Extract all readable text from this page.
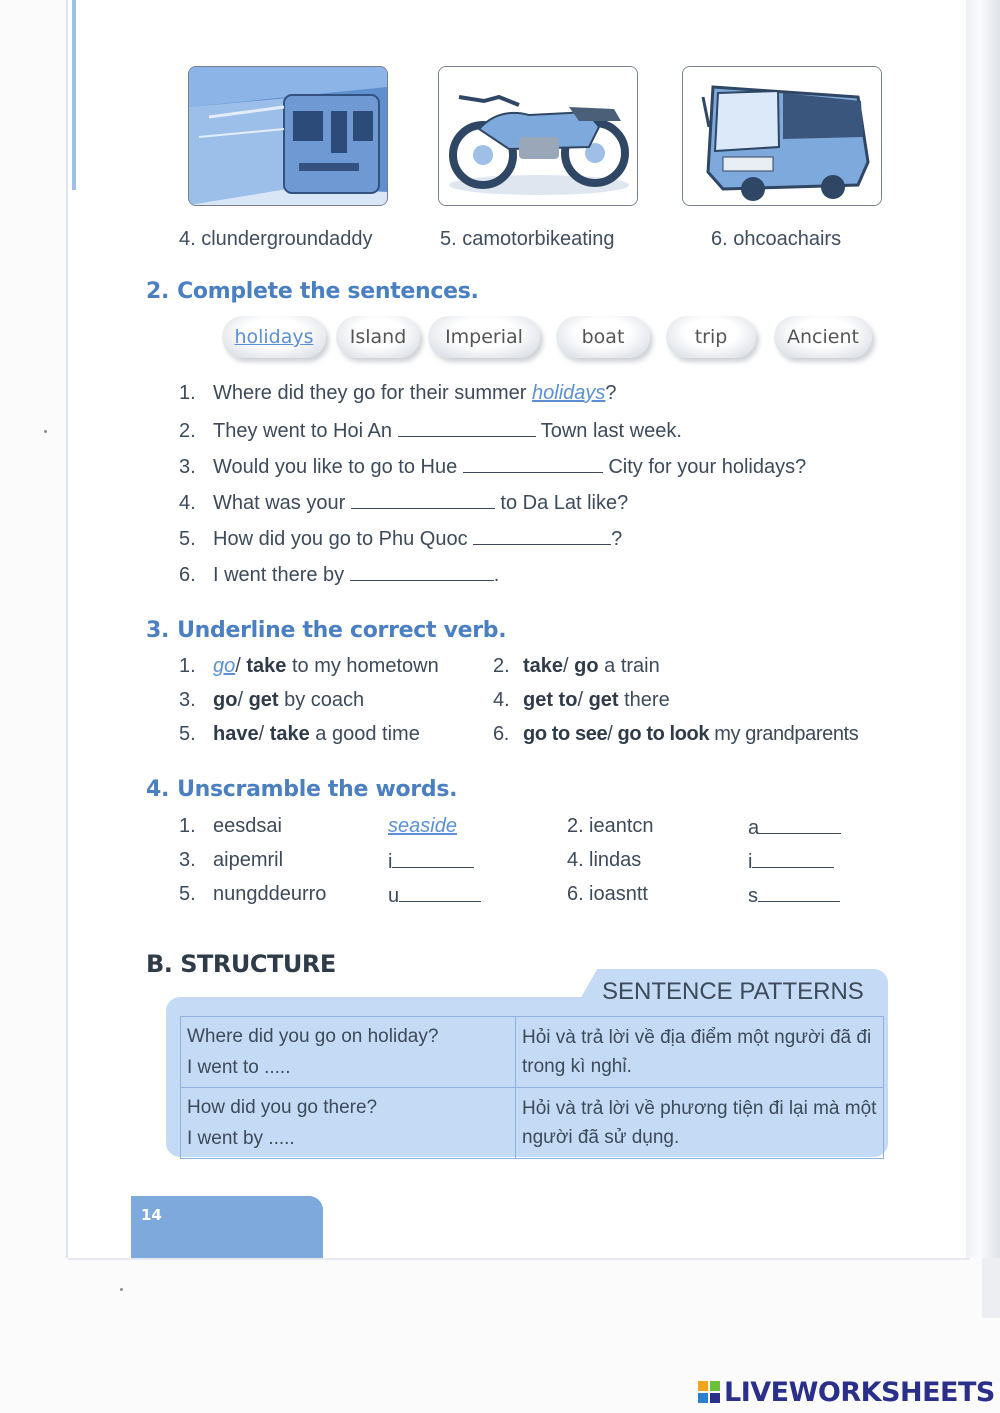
4. clundergroundaddy	5. camotorbikeating	6. ohcoachairs
2. Complete the sentences.
holidays Island Imperial	boat	trip	Ancient
1. Where did they go for their summer holidays?
2. They went to Hoi An	Town last week.
3. Would you like to go to Hue	City for your holidays?
4. What was your	to Da Lat like?
5. How did you go to Phu Quoc	?
6. I went there by	.
3. Underline the correct verb.
1. go/ take to my hometown	2. take/ go a train
3. go/ get by coach	4. get to/ get there
5. have/ take a good time	6. go to see/ go to look my grandparents
4. Unscramble the words.
1. eesdsai	seaside	2. ieantcn	a
3. aipemril	i	4. lindas	i
5. nungddeurro	u	6. ioasntt	s
B. STRUCTURE
SENTENCE PATTERNS
Where did you go on holiday?
I went to .....	Hỏi và trả lời về địa điểm một người đã đi trong kì nghỉ.

How did you go there?
I went by .....	Hỏi và trả lời về phương tiện đi lại mà một người đã sử dụng.
14
LIVEWORKSHEETS
